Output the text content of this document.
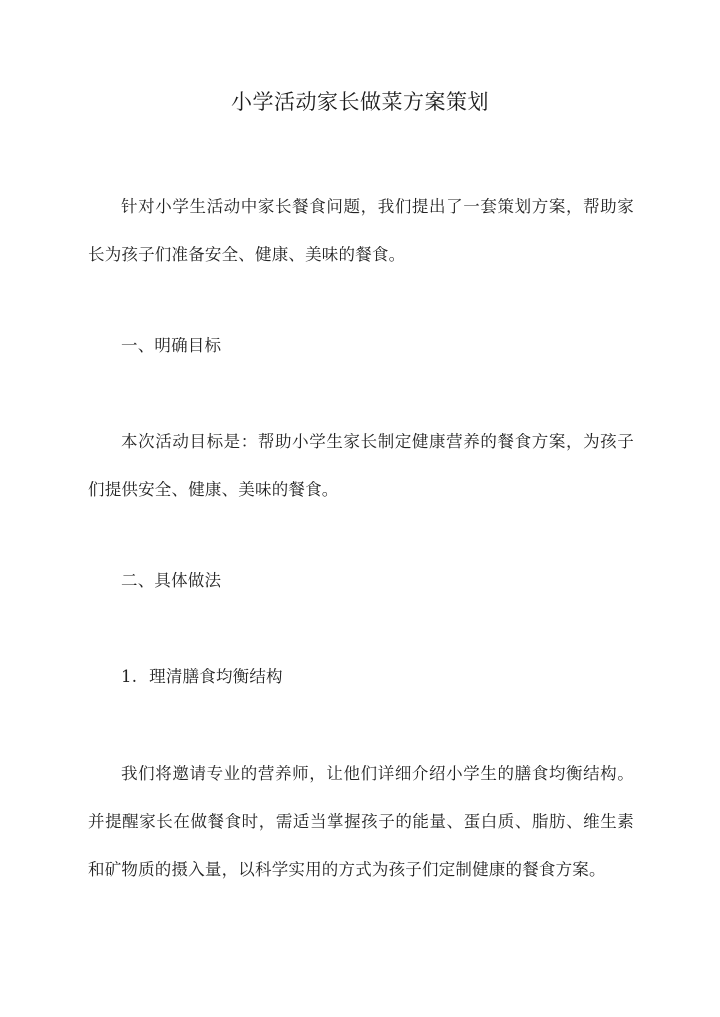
小学活动家长做菜方案策划
针对小学生活动中家长餐食问题，我们提出了一套策划方案，帮助家长为孩子们准备安全、健康、美味的餐食。
一、明确目标
本次活动目标是：帮助小学生家长制定健康营养的餐食方案，为孩子们提供安全、健康、美味的餐食。
二、具体做法
1. 理清膳食均衡结构
我们将邀请专业的营养师，让他们详细介绍小学生的膳食均衡结构。并提醒家长在做餐食时，需适当掌握孩子的能量、蛋白质、脂肪、维生素和矿物质的摄入量，以科学实用的方式为孩子们定制健康的餐食方案。
